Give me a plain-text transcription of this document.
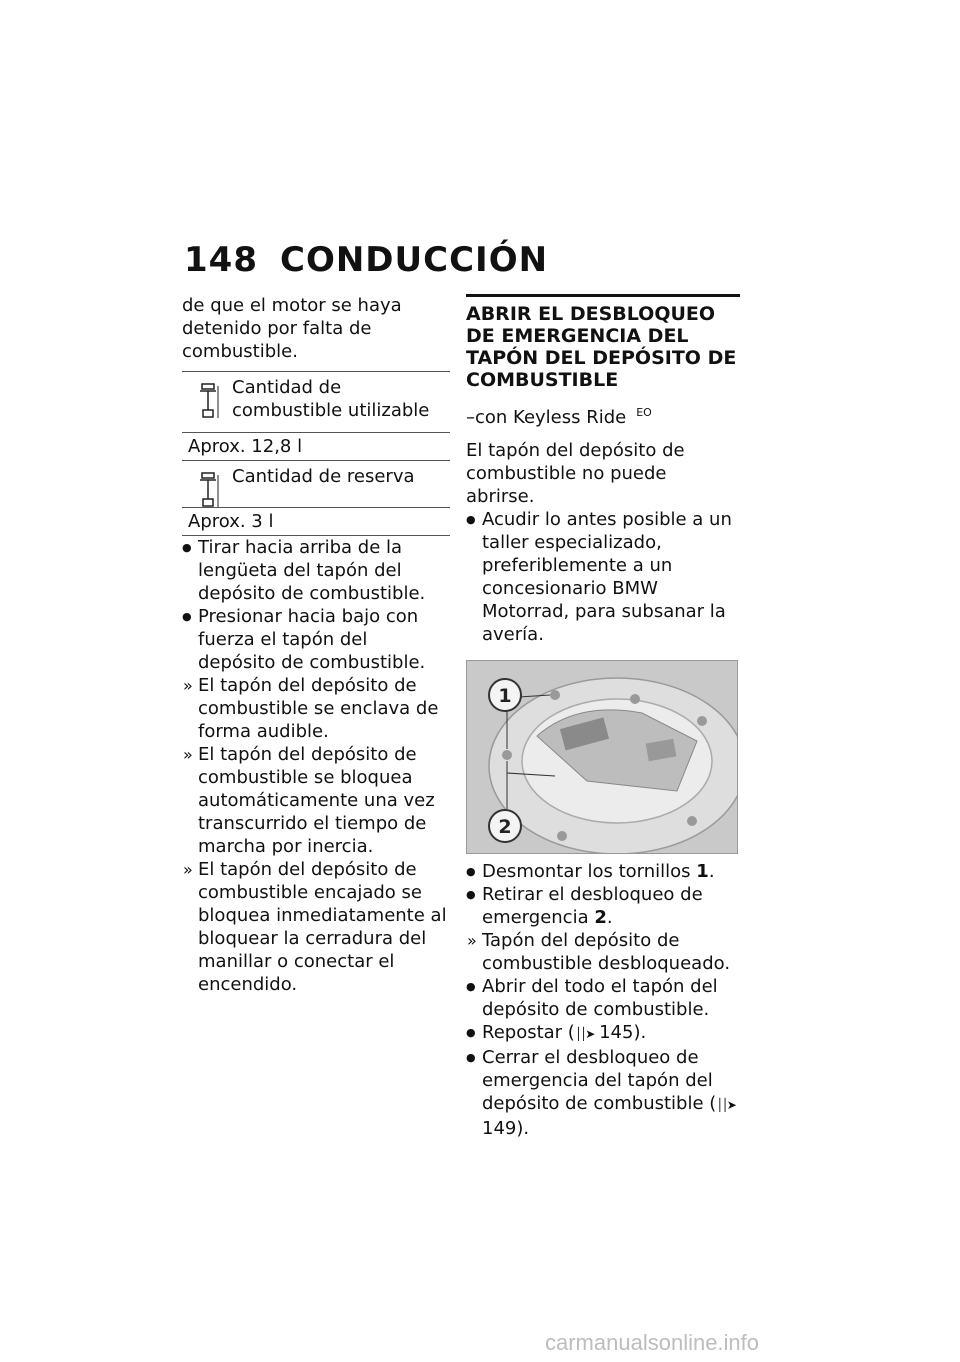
148 CONDUCCIÓN

de que el motor se haya detenido por falta de combustible.

Cantidad de combustible utilizable
Aprox. 12,8 l
Cantidad de reserva
Aprox. 3 l
● Tirar hacia arriba de la lengüeta del tapón del depósito de combustible.
● Presionar hacia bajo con fuerza el tapón del depósito de combustible.
» El tapón del depósito de combustible se enclava de forma audible.
» El tapón del depósito de combustible se bloquea automáticamente una vez transcurrido el tiempo de marcha por inercia.
» El tapón del depósito de combustible encajado se bloquea inmediatamente al bloquear la cerradura del manillar o conectar el encendido.
ABRIR EL DESBLOQUEO DE EMERGENCIA DEL TAPÓN DEL DEPÓSITO DE COMBUSTIBLE

–con Keyless Ride $^{EO}$

El tapón del depósito de combustible no puede abrirse.

● Acudir lo antes posible a un taller especializado, preferiblemente a un concesionario BMW Motorrad, para subsanar la avería.
1
2
● Desmontar los tornillos 1.
● Retirar el desbloqueo de emergencia 2.
» Tapón del depósito de combustible desbloqueado.
● Abrir del todo el tapón del depósito de combustible.
● Repostar (││➤ 145).
● Cerrar el desbloqueo de emergencia del tapón del depósito de combustible (││➤ 149).
carmanualsonline.info
